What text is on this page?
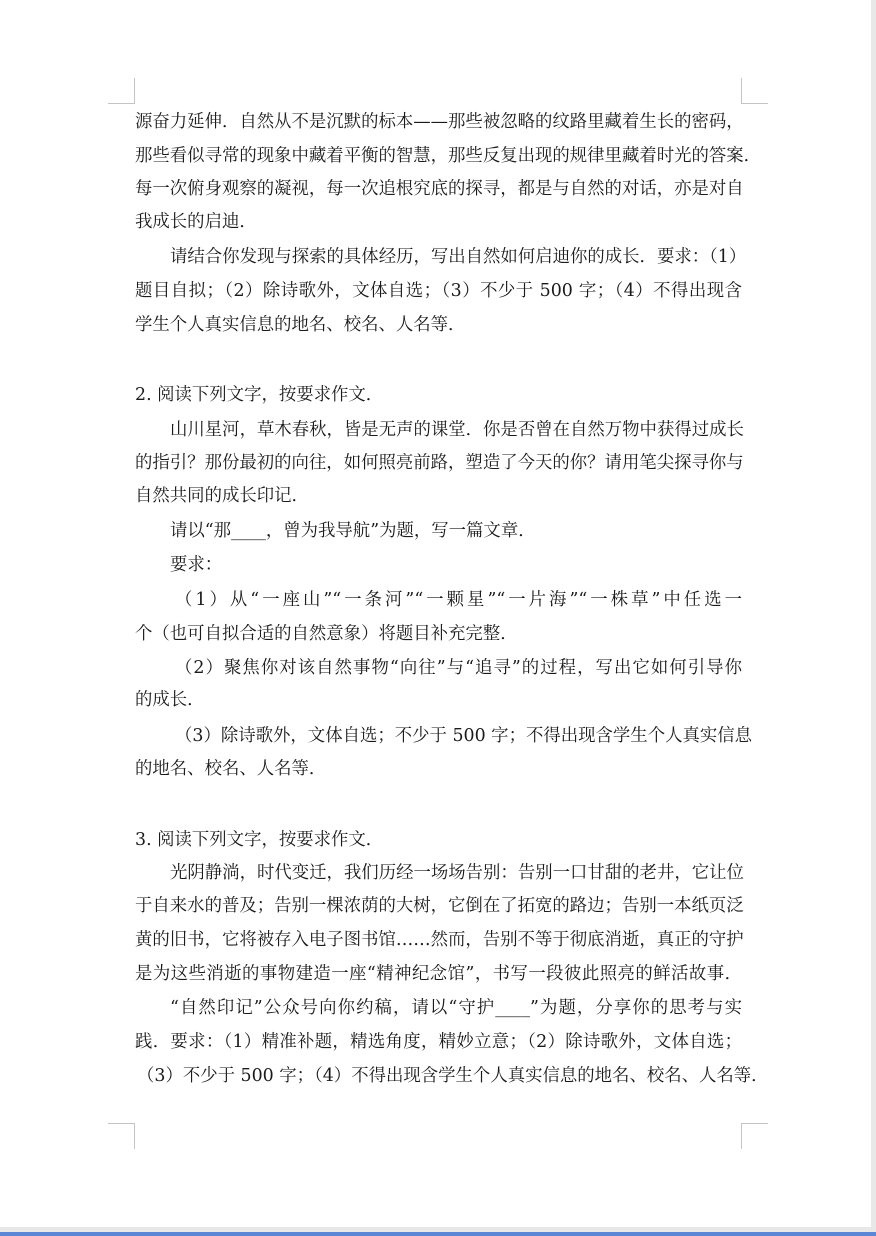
源奋力延伸．自然从不是沉默的标本——那些被忽略的纹路里藏着生长的密码，
那些看似寻常的现象中藏着平衡的智慧，那些反复出现的规律里藏着时光的答案．
每一次俯身观察的凝视，每一次追根究底的探寻，都是与自然的对话，亦是对自
我成长的启迪．
请结合你发现与探索的具体经历，写出自然如何启迪你的成长．要求：（1）
题目自拟；（2）除诗歌外，文体自选；（3）不少于 500 字；（4）不得出现含
学生个人真实信息的地名、校名、人名等．
2. 阅读下列文字，按要求作文．
山川星河，草木春秋，皆是无声的课堂．你是否曾在自然万物中获得过成长
的指引？那份最初的向往，如何照亮前路，塑造了今天的你？请用笔尖探寻你与
自然共同的成长印记．
请以“那____，曾为我导航”为题，写一篇文章．
要求：
（1）从“一座山”“一条河”“一颗星”“一片海”“一株草”中任选一
个（也可自拟合适的自然意象）将题目补充完整．
（2）聚焦你对该自然事物“向往”与“追寻”的过程，写出它如何引导你
的成长．
（3）除诗歌外，文体自选；不少于 500 字；不得出现含学生个人真实信息
的地名、校名、人名等．
3. 阅读下列文字，按要求作文．
光阴静淌，时代变迁，我们历经一场场告别：告别一口甘甜的老井，它让位
于自来水的普及；告别一棵浓荫的大树，它倒在了拓宽的路边；告别一本纸页泛
黄的旧书，它将被存入电子图书馆……然而，告别不等于彻底消逝，真正的守护
是为这些消逝的事物建造一座“精神纪念馆”，书写一段彼此照亮的鲜活故事．
“自然印记”公众号向你约稿，请以“守护____”为题，分享你的思考与实
践．要求：（1）精准补题，精选角度，精妙立意；（2）除诗歌外，文体自选；
（3）不少于 500 字；（4）不得出现含学生个人真实信息的地名、校名、人名等．
